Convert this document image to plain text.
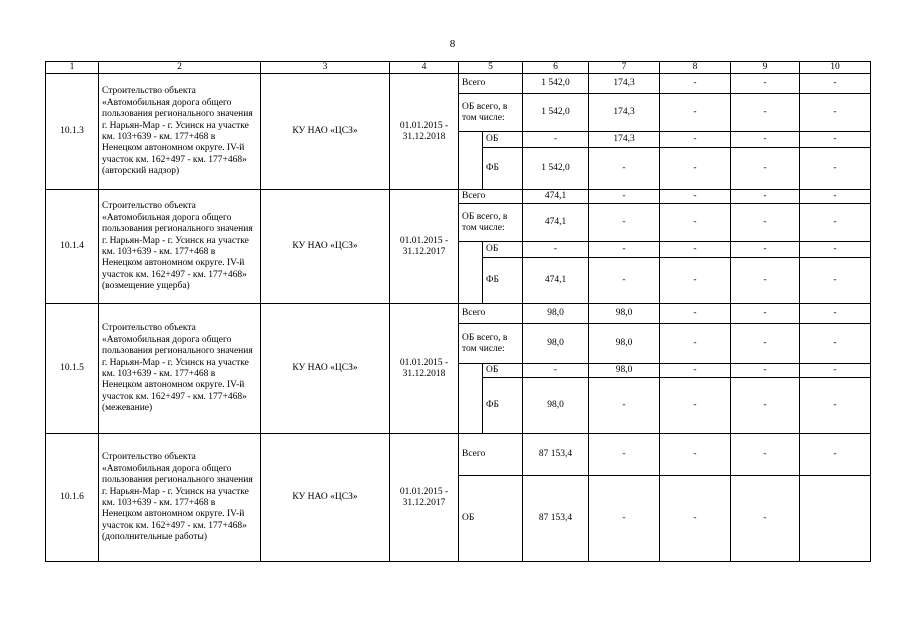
8
1	2	3	4	5		6	7	8	9	10
10.1.3	Строительство объекта «Автомобильная дорога общего пользования регионального значения г. Нарьян-Мар - г. Усинск на участке км. 103+639 - км. 177+468 в Ненецком автономном округе. IV-й участок км. 162+497 - км. 177+468» (авторский надзор)	КУ НАО «ЦСЗ»	01.01.2015 - 31.12.2018	Всего		1 542,0	174,3	-	-	-
				ОБ всего, в том числе:		1 542,0	174,3	-	-	-
					ОБ	-	174,3	-	-	-
					ФБ	1 542,0	-	-	-	-
10.1.4	Строительство объекта «Автомобильная дорога общего пользования регионального значения г. Нарьян-Мар - г. Усинск на участке км. 103+639 - км. 177+468 в Ненецком автономном округе. IV-й участок км. 162+497 - км. 177+468» (возмещение ущерба)	КУ НАО «ЦСЗ»	01.01.2015 - 31.12.2017	Всего		474,1	-	-	-	-
				ОБ всего, в том числе:		474,1	-	-	-	-
					ОБ	-	-	-	-	-
					ФБ	474,1	-	-	-	-
10.1.5	Строительство объекта «Автомобильная дорога общего пользования регионального значения г. Нарьян-Мар - г. Усинск на участке км. 103+639 - км. 177+468 в Ненецком автономном округе. IV-й участок км. 162+497 - км. 177+468» (межевание)	КУ НАО «ЦСЗ»	01.01.2015 - 31.12.2018	Всего		98,0	98,0	-	-	-
				ОБ всего, в том числе:		98,0	98,0	-	-	-
					ОБ	-	98,0	-	-	-
					ФБ	98,0	-	-	-	-
10.1.6	Строительство объекта «Автомобильная дорога общего пользования регионального значения г. Нарьян-Мар - г. Усинск на участке км. 103+639 - км. 177+468 в Ненецком автономном округе. IV-й участок км. 162+497 - км. 177+468» (дополнительные работы)	КУ НАО «ЦСЗ»	01.01.2015 - 31.12.2017	Всего		87 153,4	-	-	-	-
				ОБ		87 153,4	-	-	-	
